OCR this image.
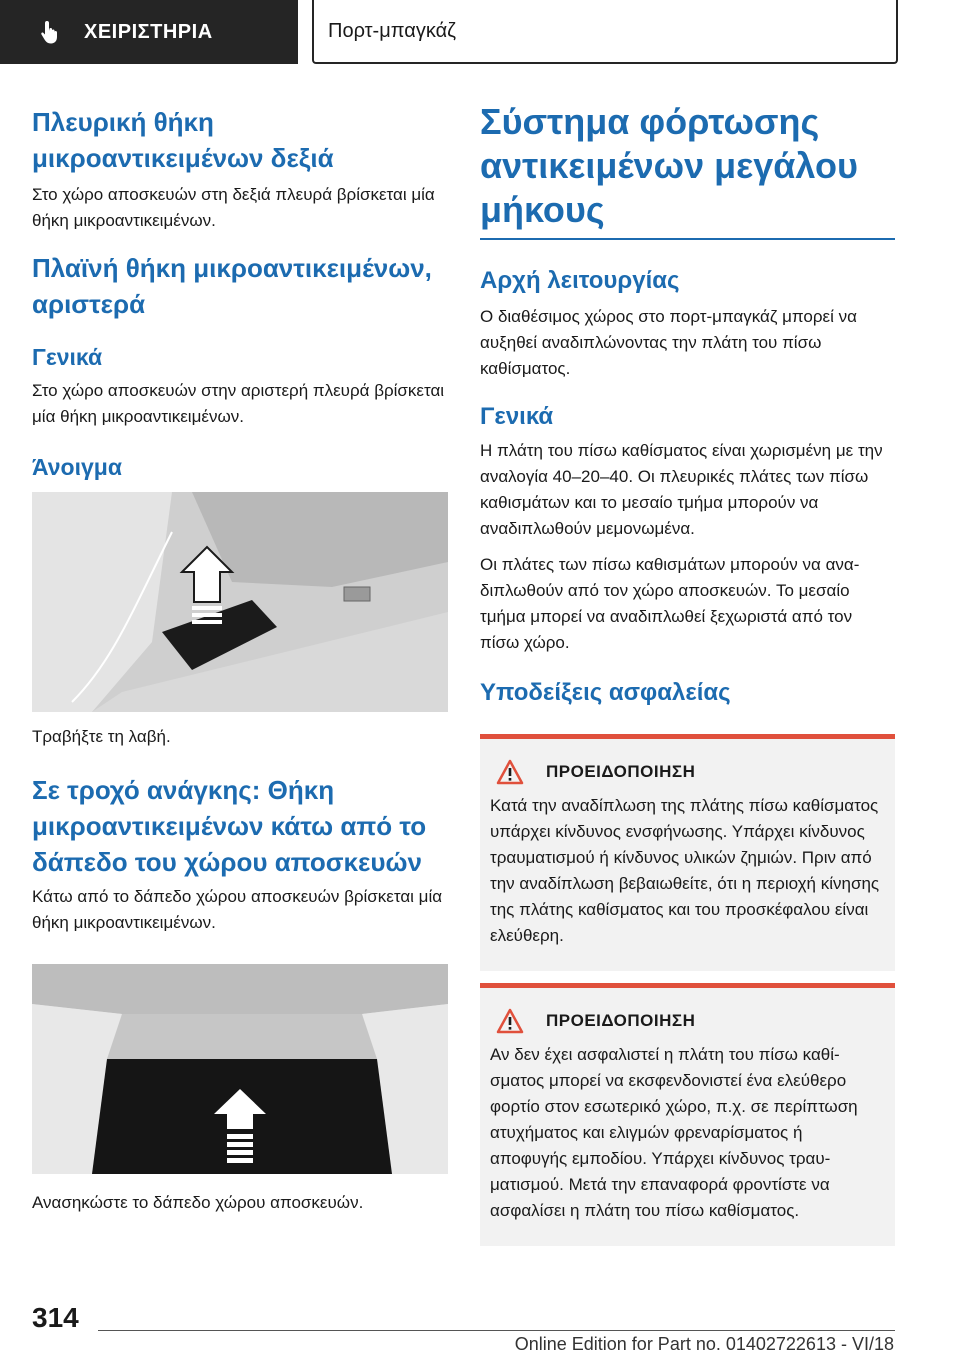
ΧΕΙΡΙΣΤΗΡΙΑ	Πορτ-μπαγκάζ
Πλευρική θήκη μικροαντικειμένων δεξιά

Στο χώρο αποσκευών στη δεξιά πλευρά βρίσκεται μία θήκη μικροαντικειμένων.

Πλαϊνή θήκη μικροαντικειμένων, αριστερά
Γενικά

Στο χώρο αποσκευών στην αριστερή πλευρά βρίσκεται μία θήκη μικροαντικειμένων.

Άνοιγμα

Τραβήξτε τη λαβή.

Σε τροχό ανάγκης: Θήκη μικροαντικειμένων κάτω από το δάπεδο του χώρου αποσκευών

Κάτω από το δάπεδο χώρου αποσκευών βρίσκεται μία θήκη μικροαντικειμένων.

Ανασηκώστε το δάπεδο χώρου αποσκευών.

Σύστημα φόρτωσης αντικειμένων μεγάλου μήκους
Αρχή λειτουργίας

Ο διαθέσιμος χώρος στο πορτ-μπαγκάζ μπορεί να αυξηθεί αναδιπλώνοντας την πλάτη του πίσω καθίσματος.

Γενικά

Η πλάτη του πίσω καθίσματος είναι χωρισμένη με την αναλογία 40–20–40. Οι πλευρικές πλάτες των πίσω καθισμάτων και το μεσαίο τμήμα μπορούν να αναδιπλωθούν μεμονωμένα.

Οι πλάτες των πίσω καθισμάτων μπορούν να αναδιπλωθούν από τον χώρο αποσκευών. Το μεσαίο τμήμα μπορεί να αναδιπλωθεί ξεχωριστά από τον πίσω χώρο.

Υποδείξεις ασφαλείας
ΠΡΟΕΙΔΟΠΟΙΗΣΗ

Κατά την αναδίπλωση της πλάτης πίσω καθίσματος υπάρχει κίνδυνος ενσφήνωσης. Υπάρχει κίνδυνος τραυματισμού ή κίνδυνος υλικών ζημιών. Πριν από την αναδίπλωση βεβαιωθείτε, ότι η περιοχή κίνησης της πλάτης καθίσματος και του προσκέφαλου είναι ελεύθερη.

ΠΡΟΕΙΔΟΠΟΙΗΣΗ

Αν δεν έχει ασφαλιστεί η πλάτη του πίσω καθίσματος μπορεί να εκσφενδονιστεί ένα ελεύθερο φορτίο στον εσωτερικό χώρο, π.χ. σε περίπτωση ατυχήματος και ελιγμών φρεναρίσματος ή αποφυγής εμποδίου. Υπάρχει κίνδυνος τραυματισμού. Μετά την επαναφορά φροντίστε να ασφαλίσει η πλάτη του πίσω καθίσματος.

314
Online Edition for Part no. 01402722613 - VI/18
